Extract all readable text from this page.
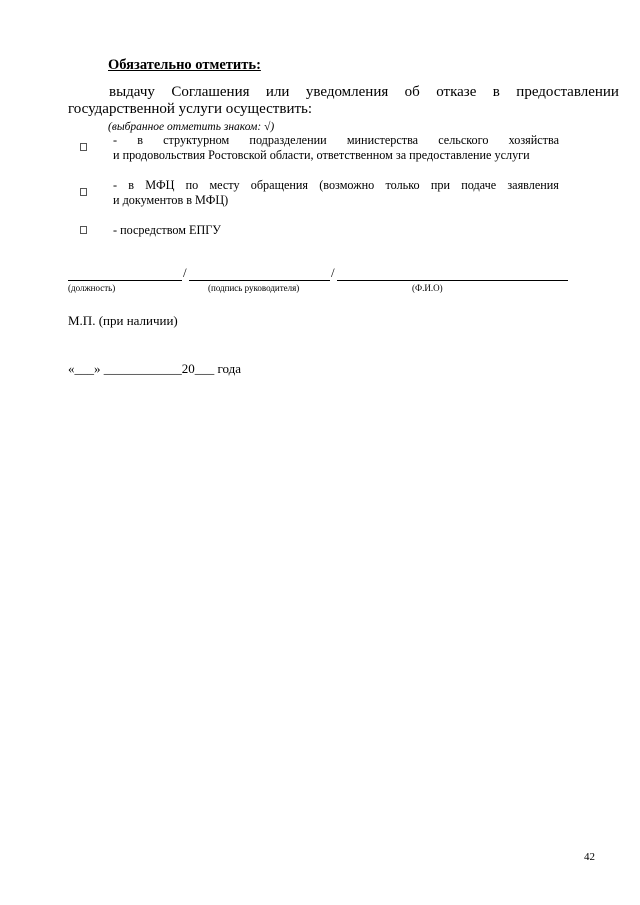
Обязательно отметить:
выдачу Соглашения или уведомления об отказе в предоставлении
государственной услуги осуществить:
(выбранное отметить знаком: √)
- в структурном подразделении министерства сельского хозяйства
и продовольствия Ростовской области, ответственном за предоставление услуги
- в МФЦ по месту обращения (возможно только при подаче заявления
и документов в МФЦ)
- посредством ЕПГУ
/	/
(должность)	(подпись руководителя)	(Ф.И.О)
М.П. (при наличии)
«___» ____________20___ года
42
